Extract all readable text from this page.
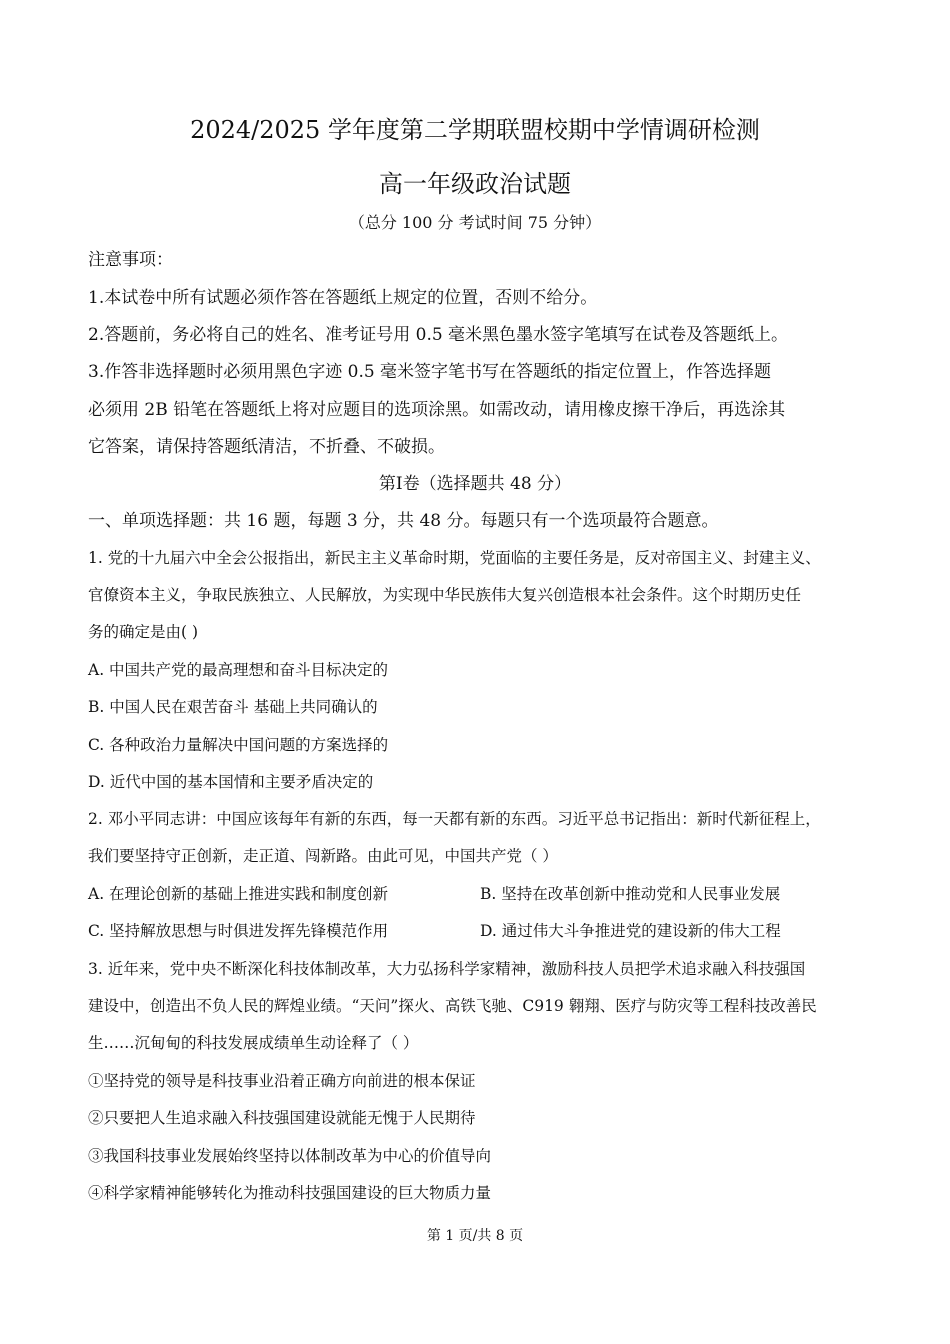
2024/2025 学年度第二学期联盟校期中学情调研检测
高一年级政治试题
（总分 100 分 考试时间 75 分钟）
注意事项：
1.本试卷中所有试题必须作答在答题纸上规定的位置，否则不给分。
2.答题前，务必将自己的姓名、准考证号用 0.5 毫米黑色墨水签字笔填写在试卷及答题纸上。
3.作答非选择题时必须用黑色字迹 0.5 毫米签字笔书写在答题纸的指定位置上，作答选择题
必须用 2B 铅笔在答题纸上将对应题目的选项涂黑。如需改动，请用橡皮擦干净后，再选涂其
它答案，请保持答题纸清洁，不折叠、不破损。
第Ⅰ卷（选择题共 48 分）
一、单项选择题：共 16 题，每题 3 分，共 48 分。每题只有一个选项最符合题意。
1. 党的十九届六中全会公报指出，新民主主义革命时期，党面临的主要任务是，反对帝国主义、封建主义、
官僚资本主义，争取民族独立、人民解放，为实现中华民族伟大复兴创造根本社会条件。这个时期历史任
务的确定是由( )
A. 中国共产党的最高理想和奋斗目标决定的
B. 中国人民在艰苦奋斗 基础上共同确认的
C. 各种政治力量解决中国问题的方案选择的
D. 近代中国的基本国情和主要矛盾决定的
2. 邓小平同志讲：中国应该每年有新的东西，每一天都有新的东西。习近平总书记指出：新时代新征程上，
我们要坚持守正创新，走正道、闯新路。由此可见，中国共产党（ ）
A. 在理论创新的基础上推进实践和制度创新	B. 坚持在改革创新中推动党和人民事业发展
C. 坚持解放思想与时俱进发挥先锋模范作用	D. 通过伟大斗争推进党的建设新的伟大工程
3. 近年来，党中央不断深化科技体制改革，大力弘扬科学家精神，激励科技人员把学术追求融入科技强国
建设中，创造出不负人民的辉煌业绩。“天问”探火、高铁飞驰、C919 翱翔、医疗与防灾等工程科技改善民
生……沉甸甸的科技发展成绩单生动诠释了（ ）
①坚持党的领导是科技事业沿着正确方向前进的根本保证
②只要把人生追求融入科技强国建设就能无愧于人民期待
③我国科技事业发展始终坚持以体制改革为中心的价值导向
④科学家精神能够转化为推动科技强国建设的巨大物质力量
第 1 页/共 8 页
